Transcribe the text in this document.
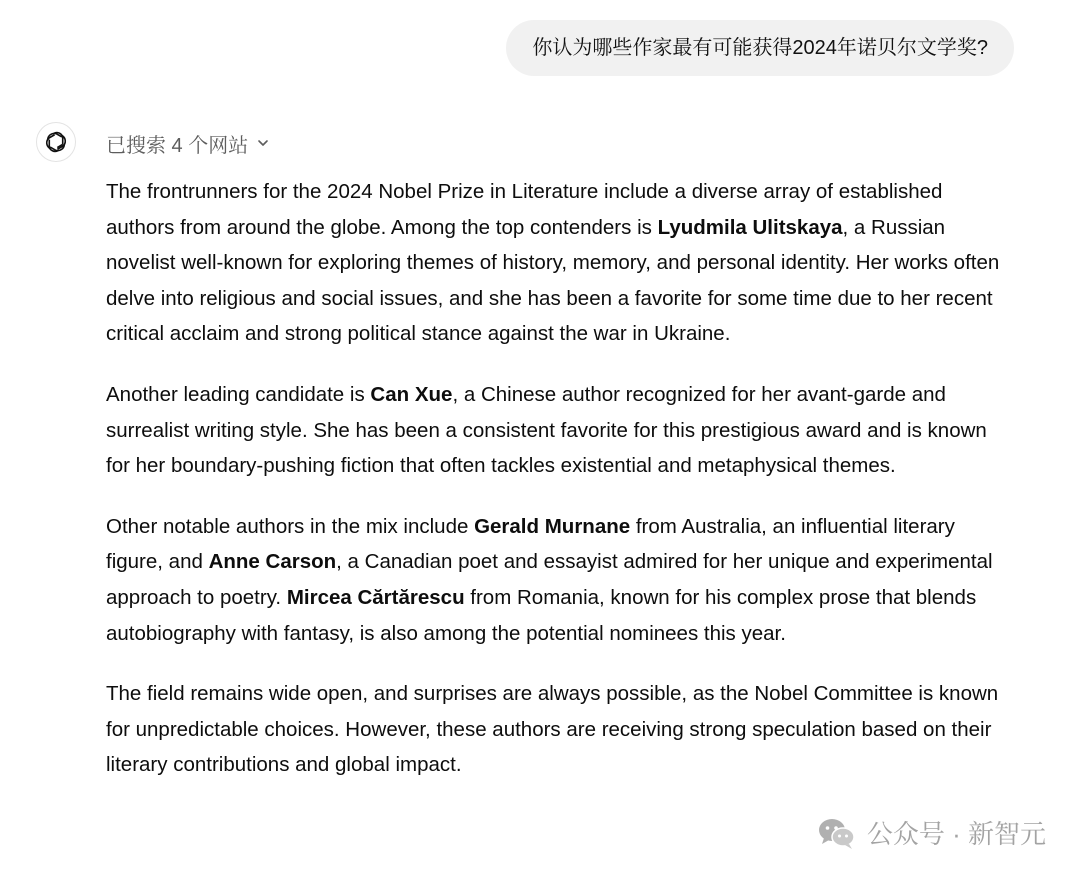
你认为哪些作家最有可能获得2024年诺贝尔文学奖?
已搜索 4 个网站

The frontrunners for the 2024 Nobel Prize in Literature include a diverse array of established authors from around the globe. Among the top contenders is Lyudmila Ulitskaya, a Russian novelist well-known for exploring themes of history, memory, and personal identity. Her works often delve into religious and social issues, and she has been a favorite for some time due to her recent critical acclaim and strong political stance against the war in Ukraine.

Another leading candidate is Can Xue, a Chinese author recognized for her avant-garde and surrealist writing style. She has been a consistent favorite for this prestigious award and is known for her boundary-pushing fiction that often tackles existential and metaphysical themes.

Other notable authors in the mix include Gerald Murnane from Australia, an influential literary figure, and Anne Carson, a Canadian poet and essayist admired for her unique and experimental approach to poetry. Mircea Cărtărescu from Romania, known for his complex prose that blends autobiography with fantasy, is also among the potential nominees this year.

The field remains wide open, and surprises are always possible, as the Nobel Committee is known for unpredictable choices. However, these authors are receiving strong speculation based on their literary contributions and global impact.

公众号 · 新智元
